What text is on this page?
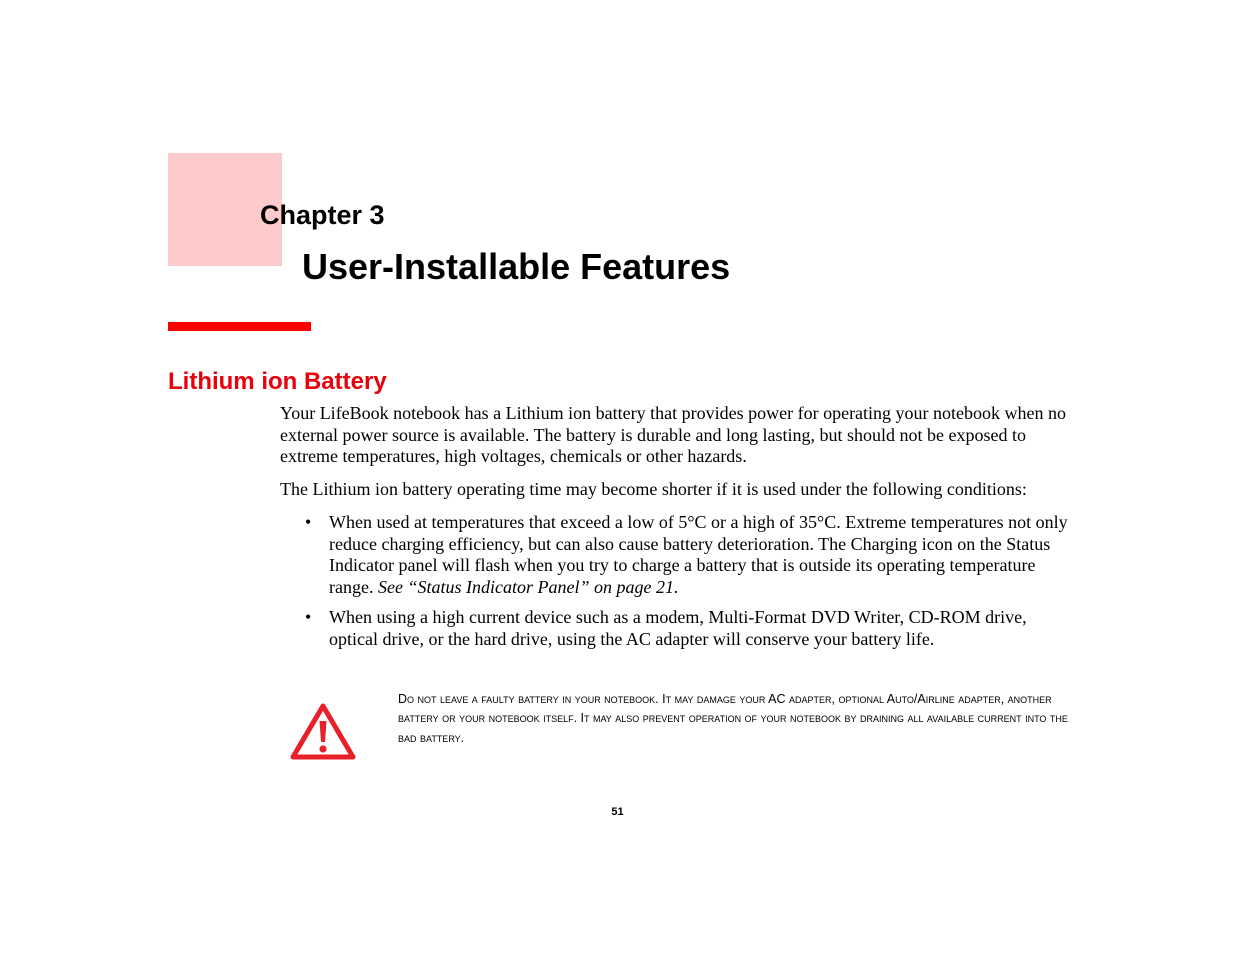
Chapter 3
User-Installable Features
Lithium ion Battery

Your LifeBook notebook has a Lithium ion battery that provides power for operating your notebook when no external power source is available. The battery is durable and long lasting, but should not be exposed to extreme temperatures, high voltages, chemicals or other hazards.

The Lithium ion battery operating time may become shorter if it is used under the following conditions:

• When used at temperatures that exceed a low of 5°C or a high of 35°C. Extreme temperatures not only reduce charging efficiency, but can also cause battery deterioration. The Charging icon on the Status Indicator panel will flash when you try to charge a battery that is outside its operating temperature range. See “Status Indicator Panel” on page 21.
• When using a high current device such as a modem, Multi-Format DVD Writer, CD-ROM drive, optical drive, or the hard drive, using the AC adapter will conserve your battery life.
Do not leave a faulty battery in your notebook. It may damage your AC adapter, optional Auto/Airline adapter, another battery or your notebook itself. It may also prevent operation of your notebook by draining all available current into the bad battery.
51
